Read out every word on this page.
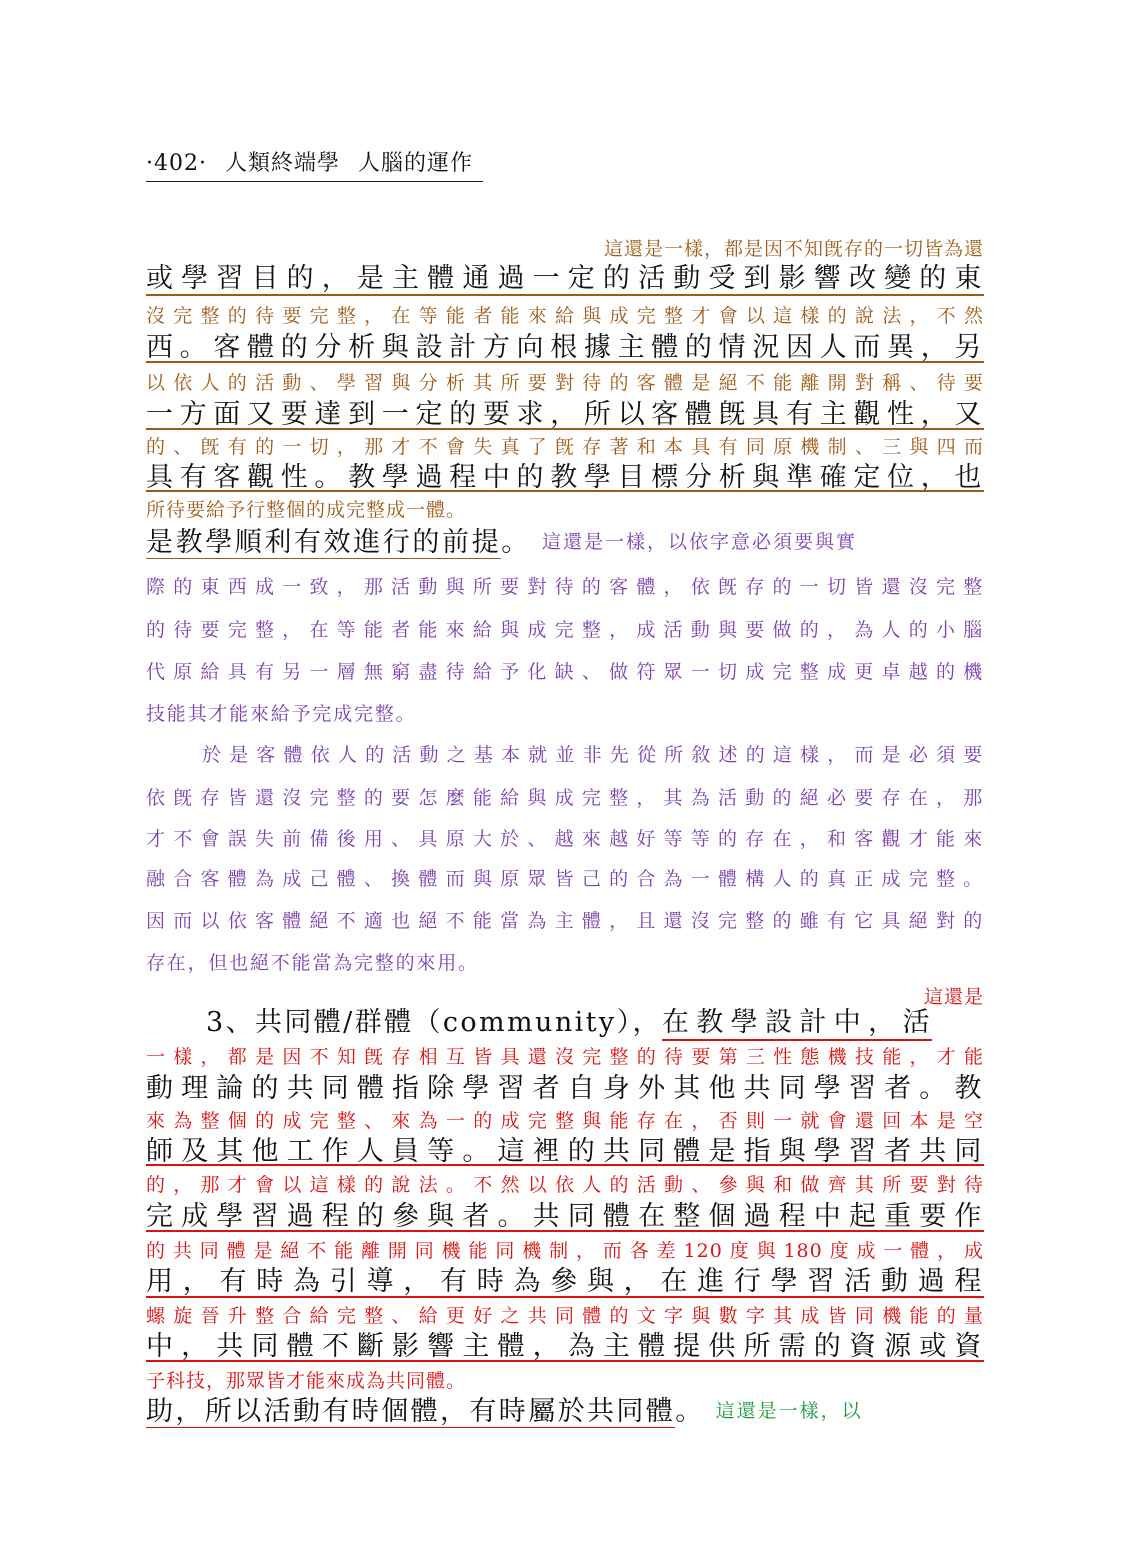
·402· 人類終端學 人腦的運作
這還是一樣，都是因不知旣存的一切皆為還
或學習目的，是主體通過一定的活動受到影響改變的東
沒完整的待要完整，在等能者能來給與成完整才會以這樣的說法，不然
西。客體的分析與設計方向根據主體的情況因人而異，另
以依人的活動、學習與分析其所要對待的客體是絕不能離開對稱、待要
一方面又要達到一定的要求，所以客體旣具有主觀性，又
的、旣有的一切，那才不會失真了旣存著和本具有同原機制、三與四而
具有客觀性。教學過程中的教學目標分析與準確定位，也
所待要給予行整個的成完整成一體。
是教學順利有效進行的前提。 這還是一樣，以依字意必須要與實
際的東西成一致，那活動與所要對待的客體，依旣存的一切皆還沒完整
的待要完整，在等能者能來給與成完整，成活動與要做的，為人的小腦
代原給具有另一層無窮盡待給予化缺、做符眾一切成完整成更卓越的機
技能其才能來給予完成完整。
於是客體依人的活動之基本就並非先從所敘述的這樣，而是必須要
依旣存皆還沒完整的要怎麼能給與成完整，其為活動的絕必要存在，那
才不會誤失前備後用、具原大於、越來越好等等的存在，和客觀才能來
融合客體為成己體、換體而與原眾皆己的合為一體構人的真正成完整。
因而以依客體絕不適也絕不能當為主體，且還沒完整的雖有它具絕對的
存在，但也絕不能當為完整的來用。
這還是
3、共同體/群體（community），在教學設計中，活
一樣，都是因不知旣存相互皆具還沒完整的待要第三性態機技能，才能
動理論的共同體指除學習者自身外其他共同學習者。教
來為整個的成完整、來為一的成完整與能存在，否則一就會還回本是空
師及其他工作人員等。這裡的共同體是指與學習者共同
的，那才會以這樣的說法。不然以依人的活動、參與和做齊其所要對待
完成學習過程的參與者。共同體在整個過程中起重要作
的共同體是絕不能離開同機能同機制，而各差120度與180度成一體，成
用，有時為引導，有時為參與，在進行學習活動過程
螺旋晉升整合給完整、給更好之共同體的文字與數字其成皆同機能的量
中，共同體不斷影響主體，為主體提供所需的資源或資
子科技，那眾皆才能來成為共同體。
助，所以活動有時個體，有時屬於共同體。 這還是一樣，以
